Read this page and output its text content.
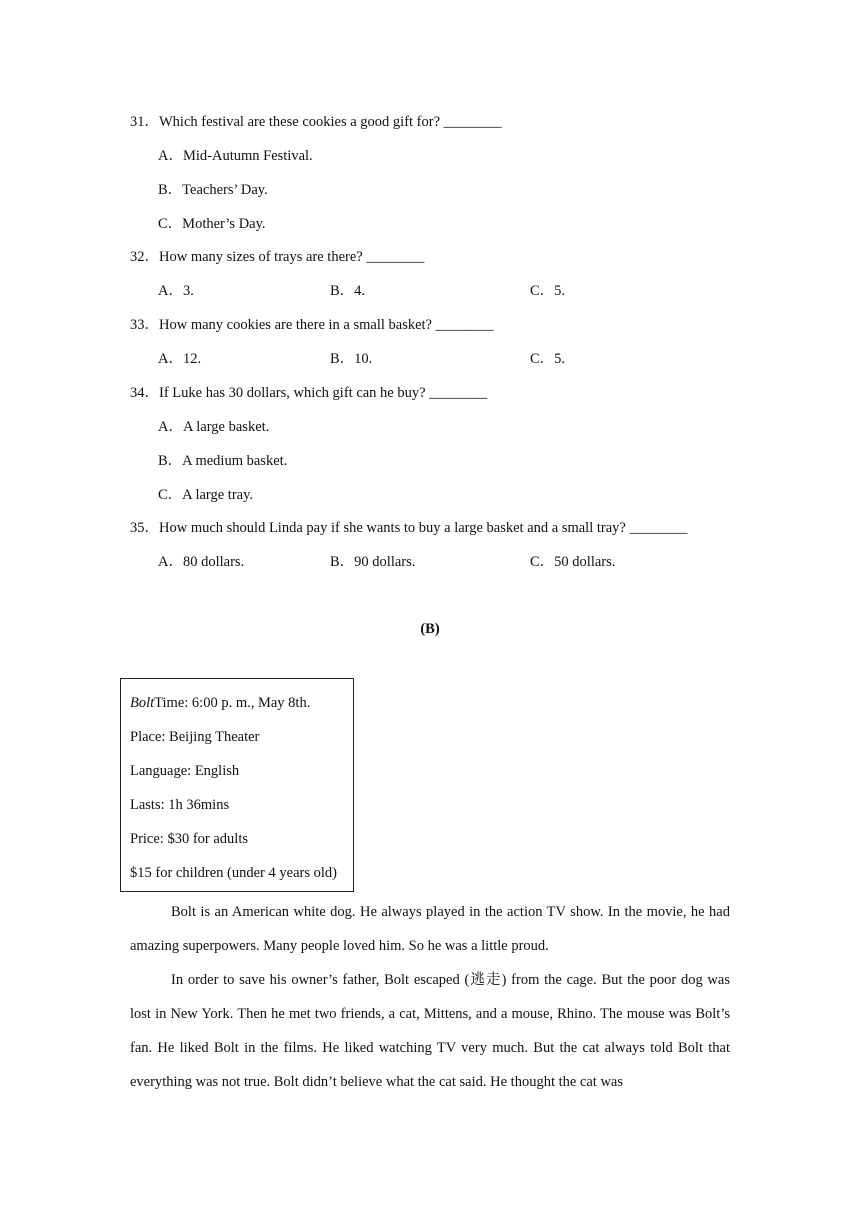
31．Which festival are these cookies a good gift for? ________
A．Mid-Autumn Festival.
B．Teachers’ Day.
C．Mother’s Day.
32．How many sizes of trays are there? ________
A．3.	B．4.	C．5.
33．How many cookies are there in a small basket? ________
A．12.	B．10.	C．5.
34．If Luke has 30 dollars, which gift can he buy? ________
A．A large basket.
B．A medium basket.
C．A large tray.
35．How much should Linda pay if she wants to buy a large basket and a small tray? ________
A．80 dollars.	B．90 dollars.	C．50 dollars.
(B)
BoltTime: 6:00 p. m., May 8th.
Place: Beijing Theater
Language: English
Lasts: 1h 36mins
Price: $30 for adults
$15 for children (under 4 years old)

Bolt is an American white dog. He always played in the action TV show. In the movie, he had amazing superpowers. Many people loved him. So he was a little proud.

In order to save his owner’s father, Bolt escaped (逃走) from the cage. But the poor dog was lost in New York. Then he met two friends, a cat, Mittens, and a mouse, Rhino. The mouse was Bolt’s fan. He liked Bolt in the films. He liked watching TV very much. But the cat always told Bolt that everything was not true. Bolt didn’t believe what the cat said. He thought the cat was
